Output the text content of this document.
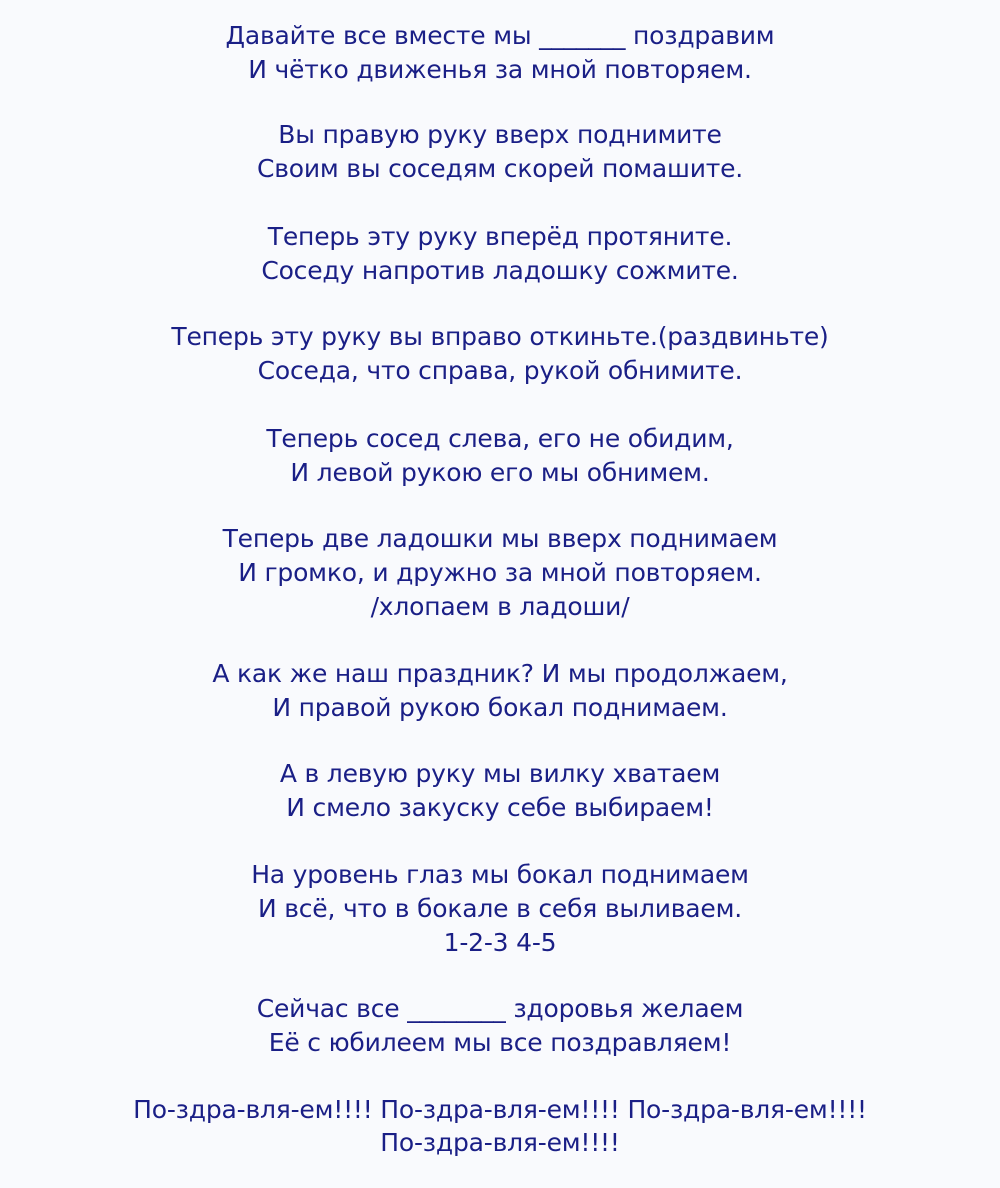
Давайте все вместе мы _______ поздравим
И чётко движенья за мной повторяем.
Вы правую руку вверх поднимите
Своим вы соседям скорей помашите.
Теперь эту руку вперёд протяните.
Соседу напротив ладошку сожмите.
Теперь эту руку вы вправо откиньте.(раздвиньте)
Соседа, что справа, рукой обнимите.
Теперь сосед слева, его не обидим,
И левой рукою его мы обнимем.
Теперь две ладошки мы вверх поднимаем
И громко, и дружно за мной повторяем.
/хлопаем в ладоши/
А как же наш праздник? И мы продолжаем,
И правой рукою бокал поднимаем.
А в левую руку мы вилку хватаем
И смело закуску себе выбираем!
На уровень глаз мы бокал поднимаем
И всё, что в бокале в себя выливаем.
1-2-3 4-5
Сейчас все ________ здоровья желаем
Её с юбилеем мы все поздравляем!
По-здра-вля-ем!!!! По-здра-вля-ем!!!! По-здра-вля-ем!!!!
По-здра-вля-ем!!!!
